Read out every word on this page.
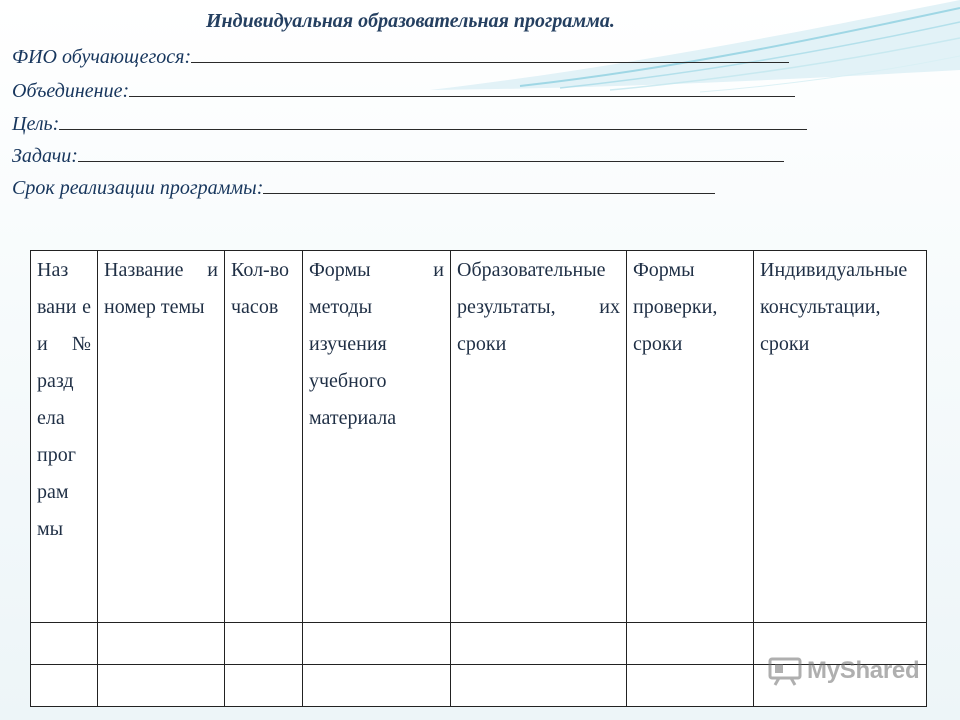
Индивидуальная образовательная программа.
ФИО обучающегося:
Объединение:
Цель:
Задачи:
Срок реализации программы:
Наз вани е и № разд ела прог рам мы	Название и номер темы	Кол-во часов	Формы и методы изучения учебного материала	Образовательные результаты, их сроки	Формы проверки, сроки	Индивидуальные консультации, сроки

MyShared
